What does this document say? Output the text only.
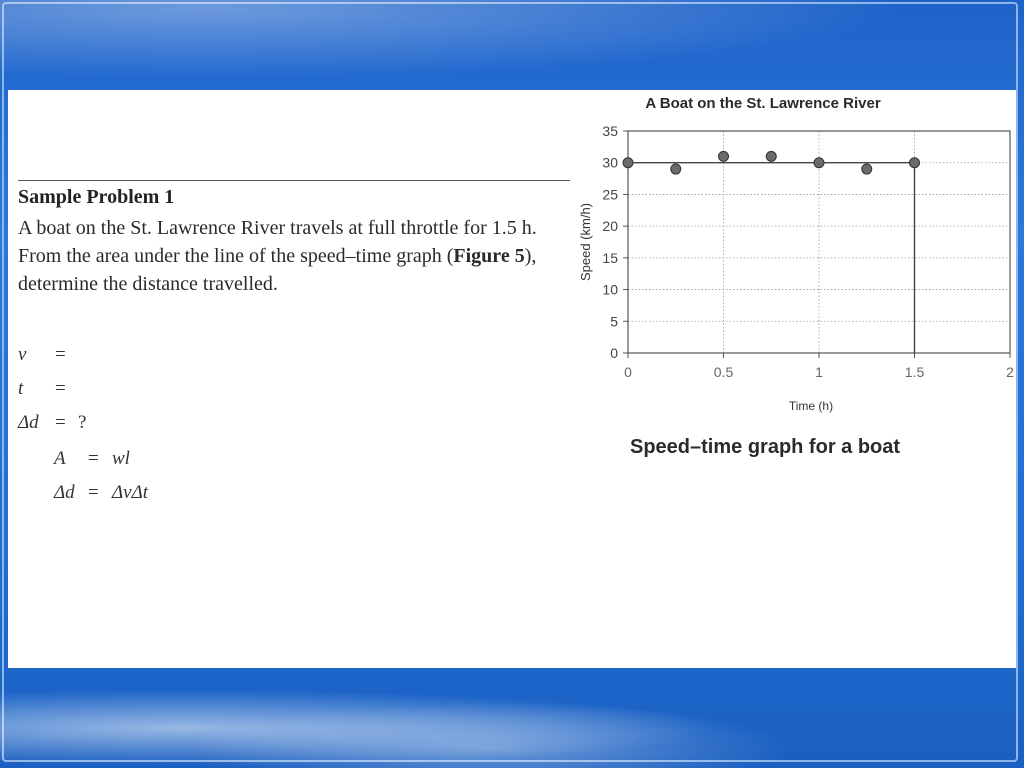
Sample Problem 1
A boat on the St. Lawrence River travels at full throttle for 1.5 h. From the area under the line of the speed–time graph (Figure 5), determine the distance travelled.
v =
t =
Δd = ?
A = wl
Δd = ΔvΔt
A Boat on the St. Lawrence River
0
5
10
15
20
25
30
35
0	0.5	1	1.5	2
Time (h)
Speed (km/h)
Speed–time graph for a boat
